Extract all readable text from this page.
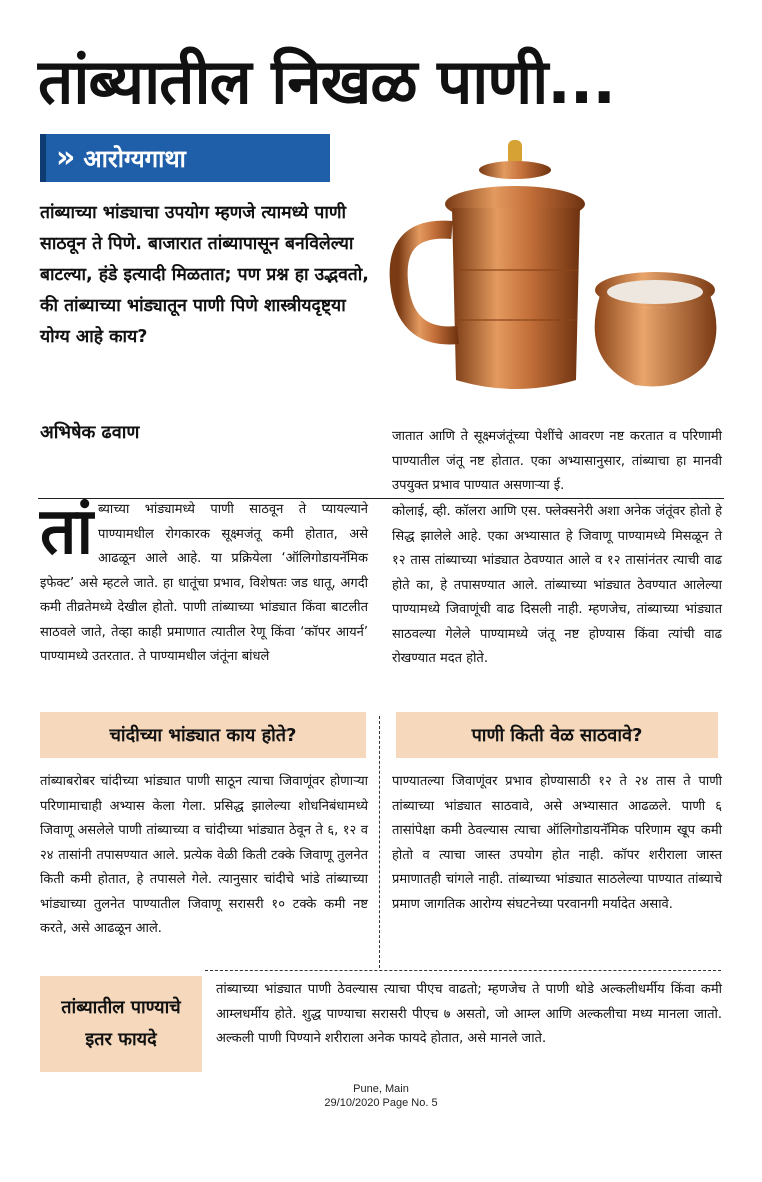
तांब्यातील निखळ पाणी...
» आरोग्यगाथा
तांब्याच्या भांड्याचा उपयोग म्हणजे त्यामध्ये पाणी साठवून ते पिणे. बाजारात तांब्यापासून बनविलेल्या बाटल्या, हंडे इत्यादी मिळतात; पण प्रश्न हा उद्भवतो, की तांब्याच्या भांड्यातून पाणी पिणे शास्त्रीयदृष्ट्या योग्य आहे काय?
अभिषेक ढवाण	जातात आणि ते सूक्ष्मजंतूंच्या पेशींचे आवरण नष्ट करतात व परिणामी पाण्यातील जंतू नष्ट होतात. एका अभ्यासानुसार, तांब्याचा हा मानवी उपयुक्त प्रभाव पाण्यात असणाऱ्या ई.
तां ब्याच्या भांड्यामध्ये पाणी साठवून ते प्यायल्याने पाण्यामधील रोगकारक सूक्ष्मजंतू कमी होतात, असे आढळून आले आहे. या प्रक्रियेला ‘ऑलिगोडायनॅमिक इफेक्ट’ असे म्हटले जाते. हा धातूंचा प्रभाव, विशेषतः जड धातू, अगदी कमी तीव्रतेमध्ये देखील होतो. पाणी तांब्याच्या भांड्यात किंवा बाटलीत साठवले जाते, तेव्हा काही प्रमाणात त्यातील रेणू किंवा ‘कॉपर आयर्न’ पाण्यामध्ये उतरतात. ते पाण्यामधील जंतूंना बांधले
कोलाई, व्ही. कॉलरा आणि एस. फ्लेक्सनेरी अशा अनेक जंतूंवर होतो हे सिद्ध झालेले आहे. एका अभ्यासात हे जिवाणू पाण्यामध्ये मिसळून ते १२ तास तांब्याच्या भांड्यात ठेवण्यात आले व १२ तासांनंतर त्याची वाढ होते का, हे तपासण्यात आले. तांब्याच्या भांड्यात ठेवण्यात आलेल्या पाण्यामध्ये जिवाणूंची वाढ दिसली नाही. म्हणजेच, तांब्याच्या भांड्यात साठवल्या गेलेले पाण्यामध्ये जंतू नष्ट होण्यास किंवा त्यांची वाढ रोखण्यात मदत होते.
चांदीच्या भांड्यात काय होते?	पाणी किती वेळ साठवावे?
तांब्याबरोबर चांदीच्या भांड्यात पाणी साठून त्याचा जिवाणूंवर होणाऱ्या परिणामाचाही अभ्यास केला गेला. प्रसिद्ध झालेल्या शोधनिबंधामध्ये जिवाणू असलेले पाणी तांब्याच्या व चांदीच्या भांड्यात ठेवून ते ६, १२ व २४ तासांनी तपासण्यात आले. प्रत्येक वेळी किती टक्के जिवाणू तुलनेत किती कमी होतात, हे तपासले गेले. त्यानुसार चांदीचे भांडे तांब्याच्या भांड्याच्या तुलनेत पाण्यातील जिवाणू सरासरी १० टक्के कमी नष्ट करते, असे आढळून आले.
पाण्यातल्या जिवाणूंवर प्रभाव होण्यासाठी १२ ते २४ तास ते पाणी तांब्याच्या भांड्यात साठवावे, असे अभ्यासात आढळले. पाणी ६ तासांपेक्षा कमी ठेवल्यास त्याचा ऑलिगोडायनॅमिक परिणाम खूप कमी होतो व त्याचा जास्त उपयोग होत नाही. कॉपर शरीराला जास्त प्रमाणातही चांगले नाही. तांब्याच्या भांड्यात साठलेल्या पाण्यात तांब्याचे प्रमाण जागतिक आरोग्य संघटनेच्या परवानगी मर्यादेत असावे.
तांब्यातील पाण्याचे
इतर फायदे
तांब्याच्या भांड्यात पाणी ठेवल्यास त्याचा पीएच वाढतो; म्हणजेच ते पाणी थोडे अल्कलीधर्मीय किंवा कमी आम्लधर्मीय होते. शुद्ध पाण्याचा सरासरी पीएच ७ असतो, जो आम्ल आणि अल्कलीचा मध्य मानला जातो. अल्कली पाणी पिण्याने शरीराला अनेक फायदे होतात, असे मानले जाते.
Pune, Main
29/10/2020 Page No. 5
